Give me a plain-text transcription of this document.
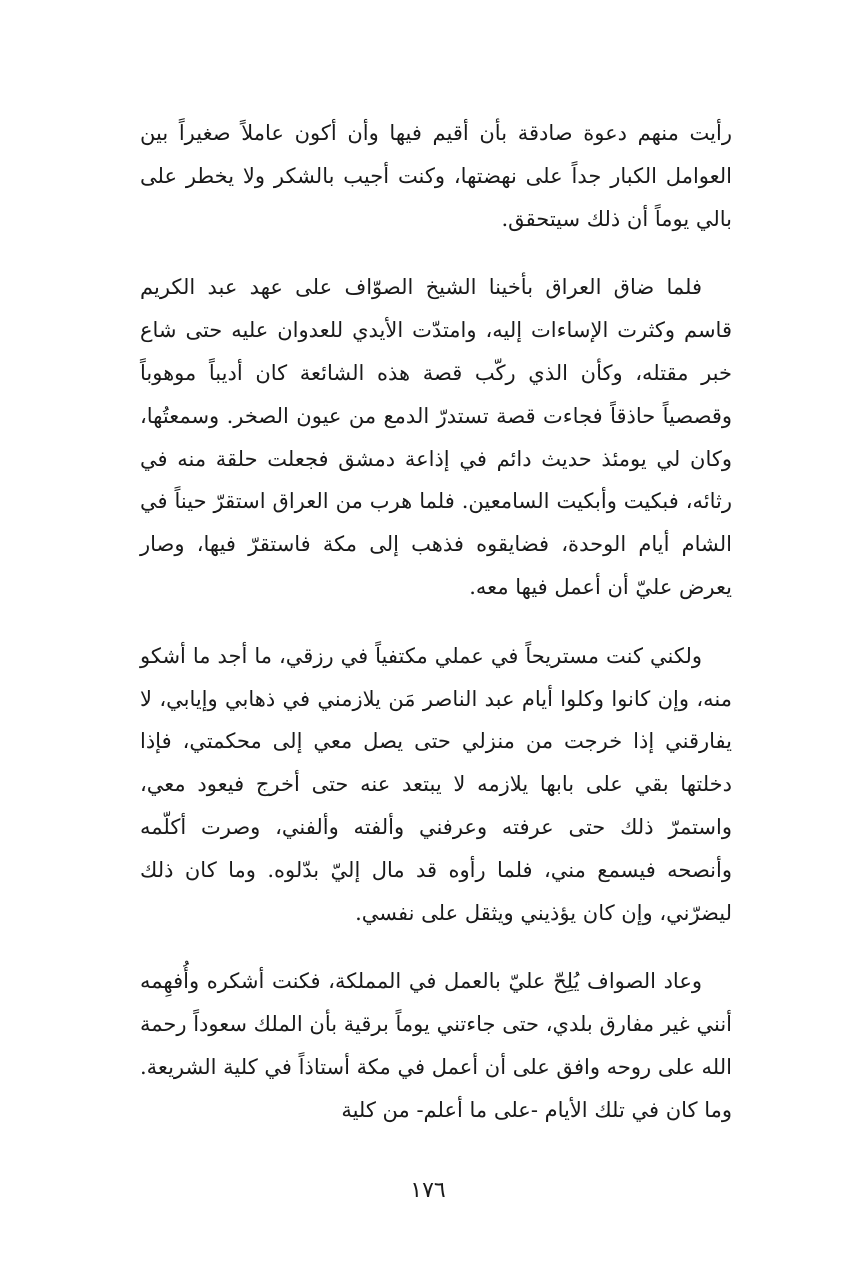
رأيت منهم دعوة صادقة بأن أقيم فيها وأن أكون عاملاً صغيراً بين العوامل الكبار جداً على نهضتها، وكنت أجيب بالشكر ولا يخطر على بالي يوماً أن ذلك سيتحقق.

فلما ضاق العراق بأخينا الشيخ الصوّاف على عهد عبد الكريم قاسم وكثرت الإساءات إليه، وامتدّت الأيدي للعدوان عليه حتى شاع خبر مقتله، وكأن الذي ركّب قصة هذه الشائعة كان أديباً موهوباً وقصصياً حاذقاً فجاءت قصة تستدرّ الدمع من عيون الصخر. وسمعتُها، وكان لي يومئذ حديث دائم في إذاعة دمشق فجعلت حلقة منه في رثائه، فبكيت وأبكيت السامعين. فلما هرب من العراق استقرّ حيناً في الشام أيام الوحدة، فضايقوه فذهب إلى مكة فاستقرّ فيها، وصار يعرض عليّ أن أعمل فيها معه.

ولكني كنت مستريحاً في عملي مكتفياً في رزقي، ما أجد ما أشكو منه، وإن كانوا وكلوا أيام عبد الناصر مَن يلازمني في ذهابي وإيابي، لا يفارقني إذا خرجت من منزلي حتى يصل معي إلى محكمتي، فإذا دخلتها بقي على بابها يلازمه لا يبتعد عنه حتى أخرج فيعود معي، واستمرّ ذلك حتى عرفته وعرفني وألفته وألفني، وصرت أكلّمه وأنصحه فيسمع مني، فلما رأوه قد مال إليّ بدّلوه. وما كان ذلك ليضرّني، وإن كان يؤذيني ويثقل على نفسي.

وعاد الصواف يُلِحّ عليّ بالعمل في المملكة، فكنت أشكره وأُفهِمه أنني غير مفارق بلدي، حتى جاءتني يوماً برقية بأن الملك سعوداً رحمة الله على روحه وافق على أن أعمل في مكة أستاذاً في كلية الشريعة. وما كان في تلك الأيام -على ما أعلم- من كلية

١٧٦
